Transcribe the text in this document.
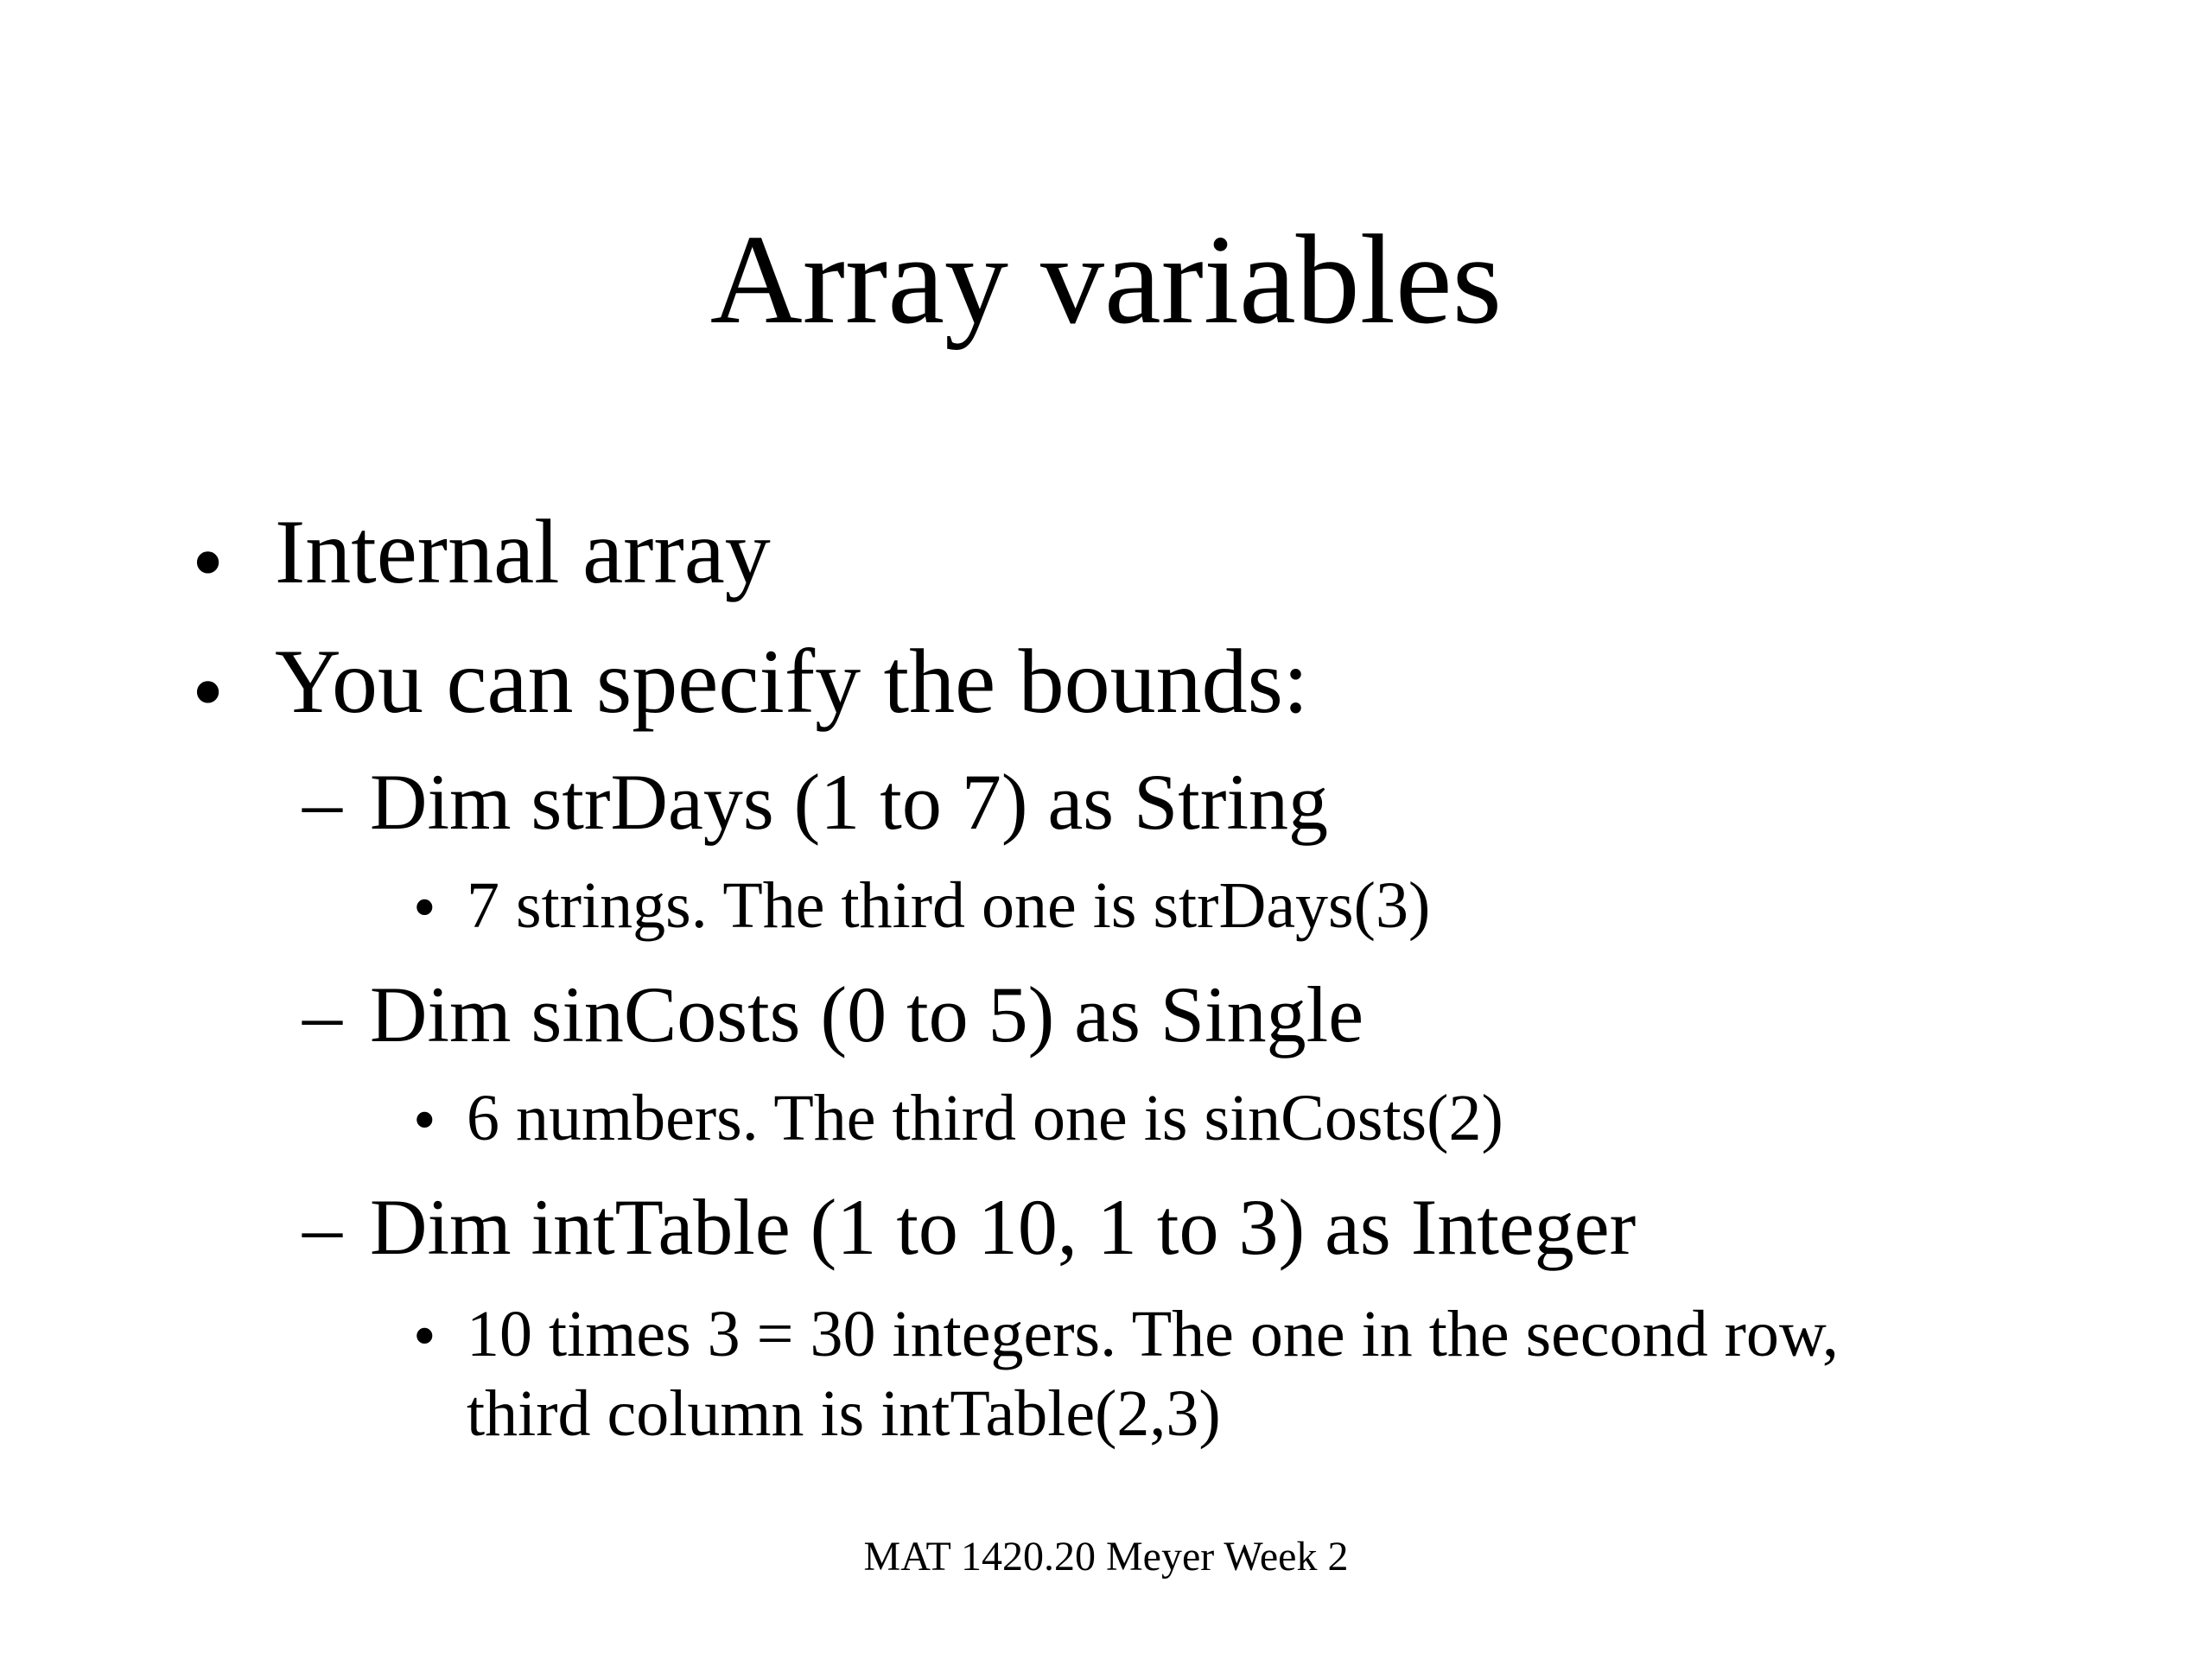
Array variables
• Internal array
• You can specify the bounds:
– Dim strDays (1 to 7) as String
• 7 strings. The third one is strDays(3)
– Dim sinCosts (0 to 5) as Single
• 6 numbers. The third one is sinCosts(2)
– Dim intTable (1 to 10, 1 to 3) as Integer
• 10 times 3 = 30 integers. The one in the second row,
third column is intTable(2,3)
MAT 1420.20 Meyer Week 2
